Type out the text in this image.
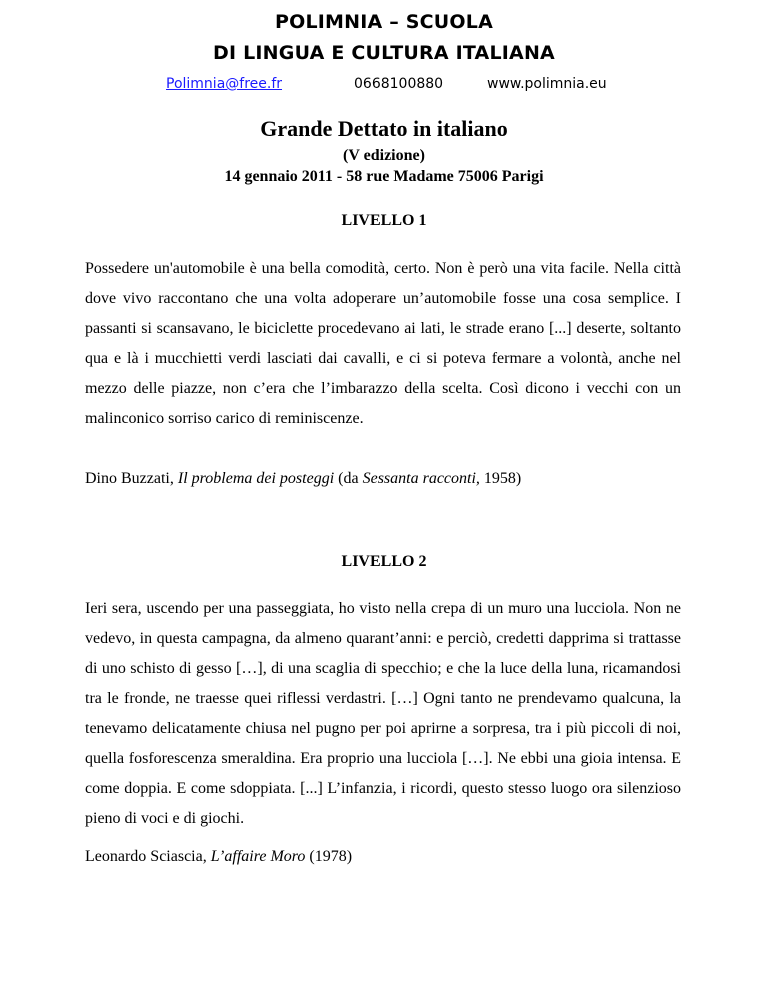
POLIMNIA – SCUOLA
DI LINGUA E CULTURA ITALIANA
Polimnia@free.fr	0668100880	www.polimnia.eu
Grande Dettato in italiano
(V edizione)
14 gennaio 2011 - 58 rue Madame 75006 Parigi
LIVELLO 1
Possedere un'automobile è una bella comodità, certo. Non è però una vita facile. Nella città dove vivo raccontano che una volta adoperare un’automobile fosse una cosa semplice. I passanti si scansavano, le biciclette procedevano ai lati, le strade erano [...] deserte, soltanto qua e là i mucchietti verdi lasciati dai cavalli, e ci si poteva fermare a volontà, anche nel mezzo delle piazze, non c’era che l’imbarazzo della scelta. Così dicono i vecchi con un malinconico sorriso carico di reminiscenze.
Dino Buzzati, Il problema dei posteggi (da Sessanta racconti, 1958)
LIVELLO 2
Ieri sera, uscendo per una passeggiata, ho visto nella crepa di un muro una lucciola. Non ne vedevo, in questa campagna, da almeno quarant’anni: e perciò, credetti dapprima si trattasse di uno schisto di gesso […], di una scaglia di specchio; e che la luce della luna, ricamandosi tra le fronde, ne traesse quei riflessi verdastri. […] Ogni tanto ne prendevamo qualcuna, la tenevamo delicatamente chiusa nel pugno per poi aprirne a sorpresa, tra i più piccoli di noi, quella fosforescenza smeraldina. Era proprio una lucciola […]. Ne ebbi una gioia intensa. E come doppia. E come sdoppiata. [...] L’infanzia, i ricordi, questo stesso luogo ora silenzioso pieno di voci e di giochi.
Leonardo Sciascia, L’affaire Moro (1978)
